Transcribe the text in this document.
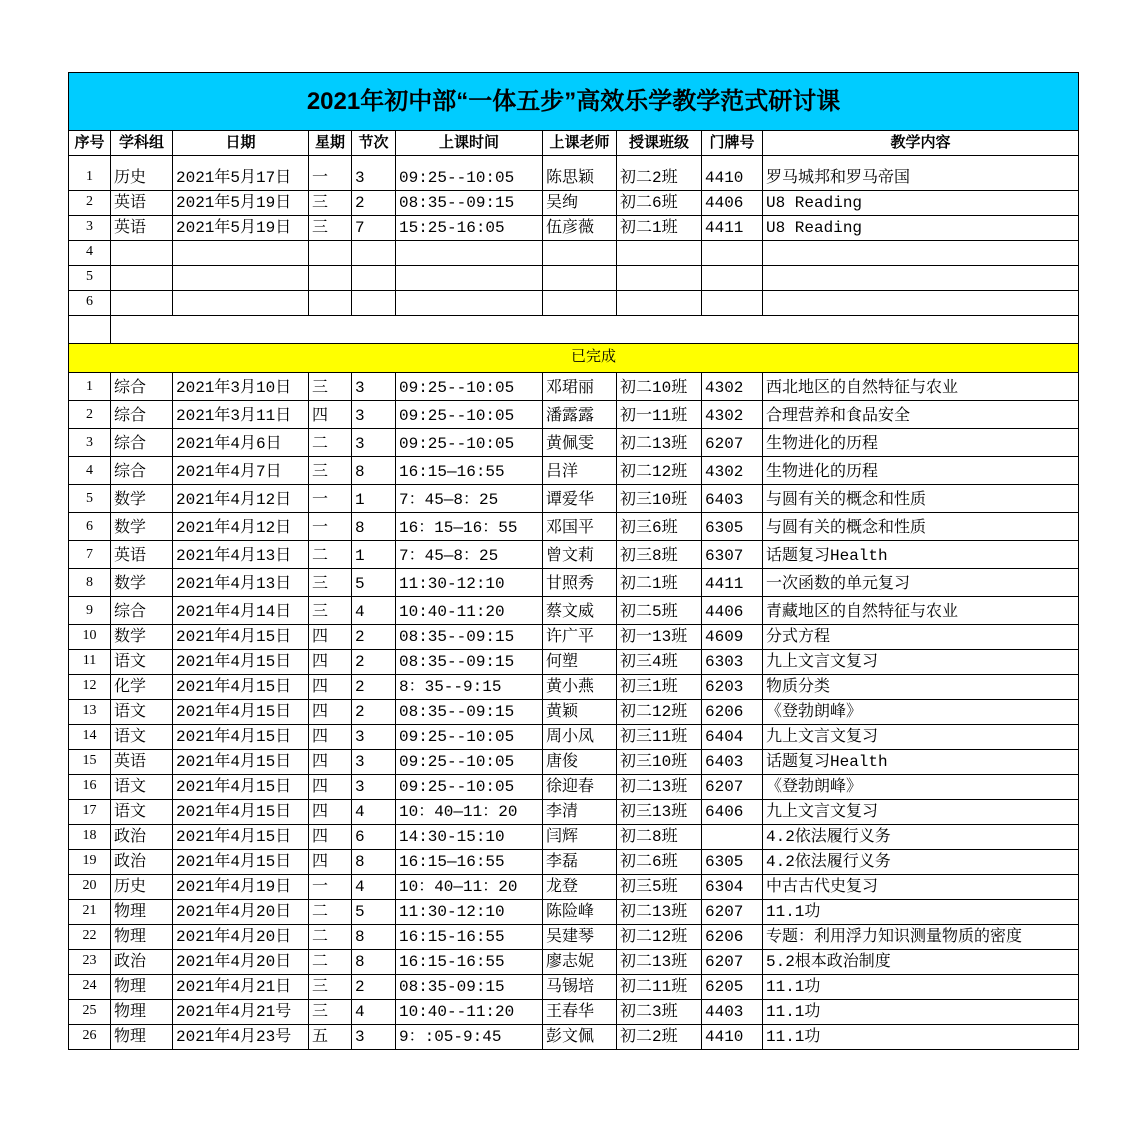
2021年初中部“一体五步”高效乐学教学范式研讨课									
序号	学科组	日期	星期	节次	上课时间	上课老师	授课班级	门牌号	教学内容
1	历史	2021年5月17日	一	3	09:25--10:05	陈思颖	初二2班	4410	罗马城邦和罗马帝国
2	英语	2021年5月19日	三	2	08:35--09:15	吴绚	初二6班	4406	U8 Reading
3	英语	2021年5月19日	三	7	15:25-16:05	伍彦薇	初二1班	4411	U8 Reading
4									
5									
6									

已完成									
1	综合	2021年3月10日	三	3	09:25--10:05	邓珺丽	初二10班	4302	西北地区的自然特征与农业
2	综合	2021年3月11日	四	3	09:25--10:05	潘露露	初一11班	4302	合理营养和食品安全
3	综合	2021年4月6日	二	3	09:25--10:05	黄佩雯	初二13班	6207	生物进化的历程
4	综合	2021年4月7日	三	8	16:15—16:55	吕洋	初二12班	4302	生物进化的历程
5	数学	2021年4月12日	一	1	7：45—8：25	谭爱华	初三10班	6403	与圆有关的概念和性质
6	数学	2021年4月12日	一	8	16：15—16：55	邓国平	初三6班	6305	与圆有关的概念和性质
7	英语	2021年4月13日	二	1	7：45—8：25	曾文莉	初三8班	6307	话题复习Health
8	数学	2021年4月13日	三	5	11:30-12:10	甘照秀	初二1班	4411	一次函数的单元复习
9	综合	2021年4月14日	三	4	10:40-11:20	蔡文威	初二5班	4406	青藏地区的自然特征与农业
10	数学	2021年4月15日	四	2	08:35--09:15	许广平	初一13班	4609	分式方程
11	语文	2021年4月15日	四	2	08:35--09:15	何塑	初三4班	6303	九上文言文复习
12	化学	2021年4月15日	四	2	8：35--9:15	黄小燕	初三1班	6203	物质分类
13	语文	2021年4月15日	四	2	08:35--09:15	黄颖	初二12班	6206	《登勃朗峰》
14	语文	2021年4月15日	四	3	09:25--10:05	周小凤	初三11班	6404	九上文言文复习
15	英语	2021年4月15日	四	3	09:25--10:05	唐俊	初三10班	6403	话题复习Health
16	语文	2021年4月15日	四	3	09:25--10:05	徐迎春	初二13班	6207	《登勃朗峰》
17	语文	2021年4月15日	四	4	10：40—11：20	李清	初三13班	6406	九上文言文复习
18	政治	2021年4月15日	四	6	14:30-15:10	闫辉	初二8班		4.2依法履行义务
19	政治	2021年4月15日	四	8	16:15—16:55	李磊	初二6班	6305	4.2依法履行义务
20	历史	2021年4月19日	一	4	10：40—11：20	龙登	初三5班	6304	中古古代史复习
21	物理	2021年4月20日	二	5	11:30-12:10	陈险峰	初二13班	6207	11.1功
22	物理	2021年4月20日	二	8	16:15-16:55	吴建琴	初二12班	6206	专题：利用浮力知识测量物质的密度
23	政治	2021年4月20日	二	8	16:15-16:55	廖志妮	初二13班	6207	5.2根本政治制度
24	物理	2021年4月21日	三	2	08:35-09:15	马锡培	初二11班	6205	11.1功
25	物理	2021年4月21号	三	4	10:40--11:20	王春华	初二3班	4403	11.1功
26	物理	2021年4月23号	五	3	9：:05-9:45	彭文佩	初二2班	4410	11.1功
